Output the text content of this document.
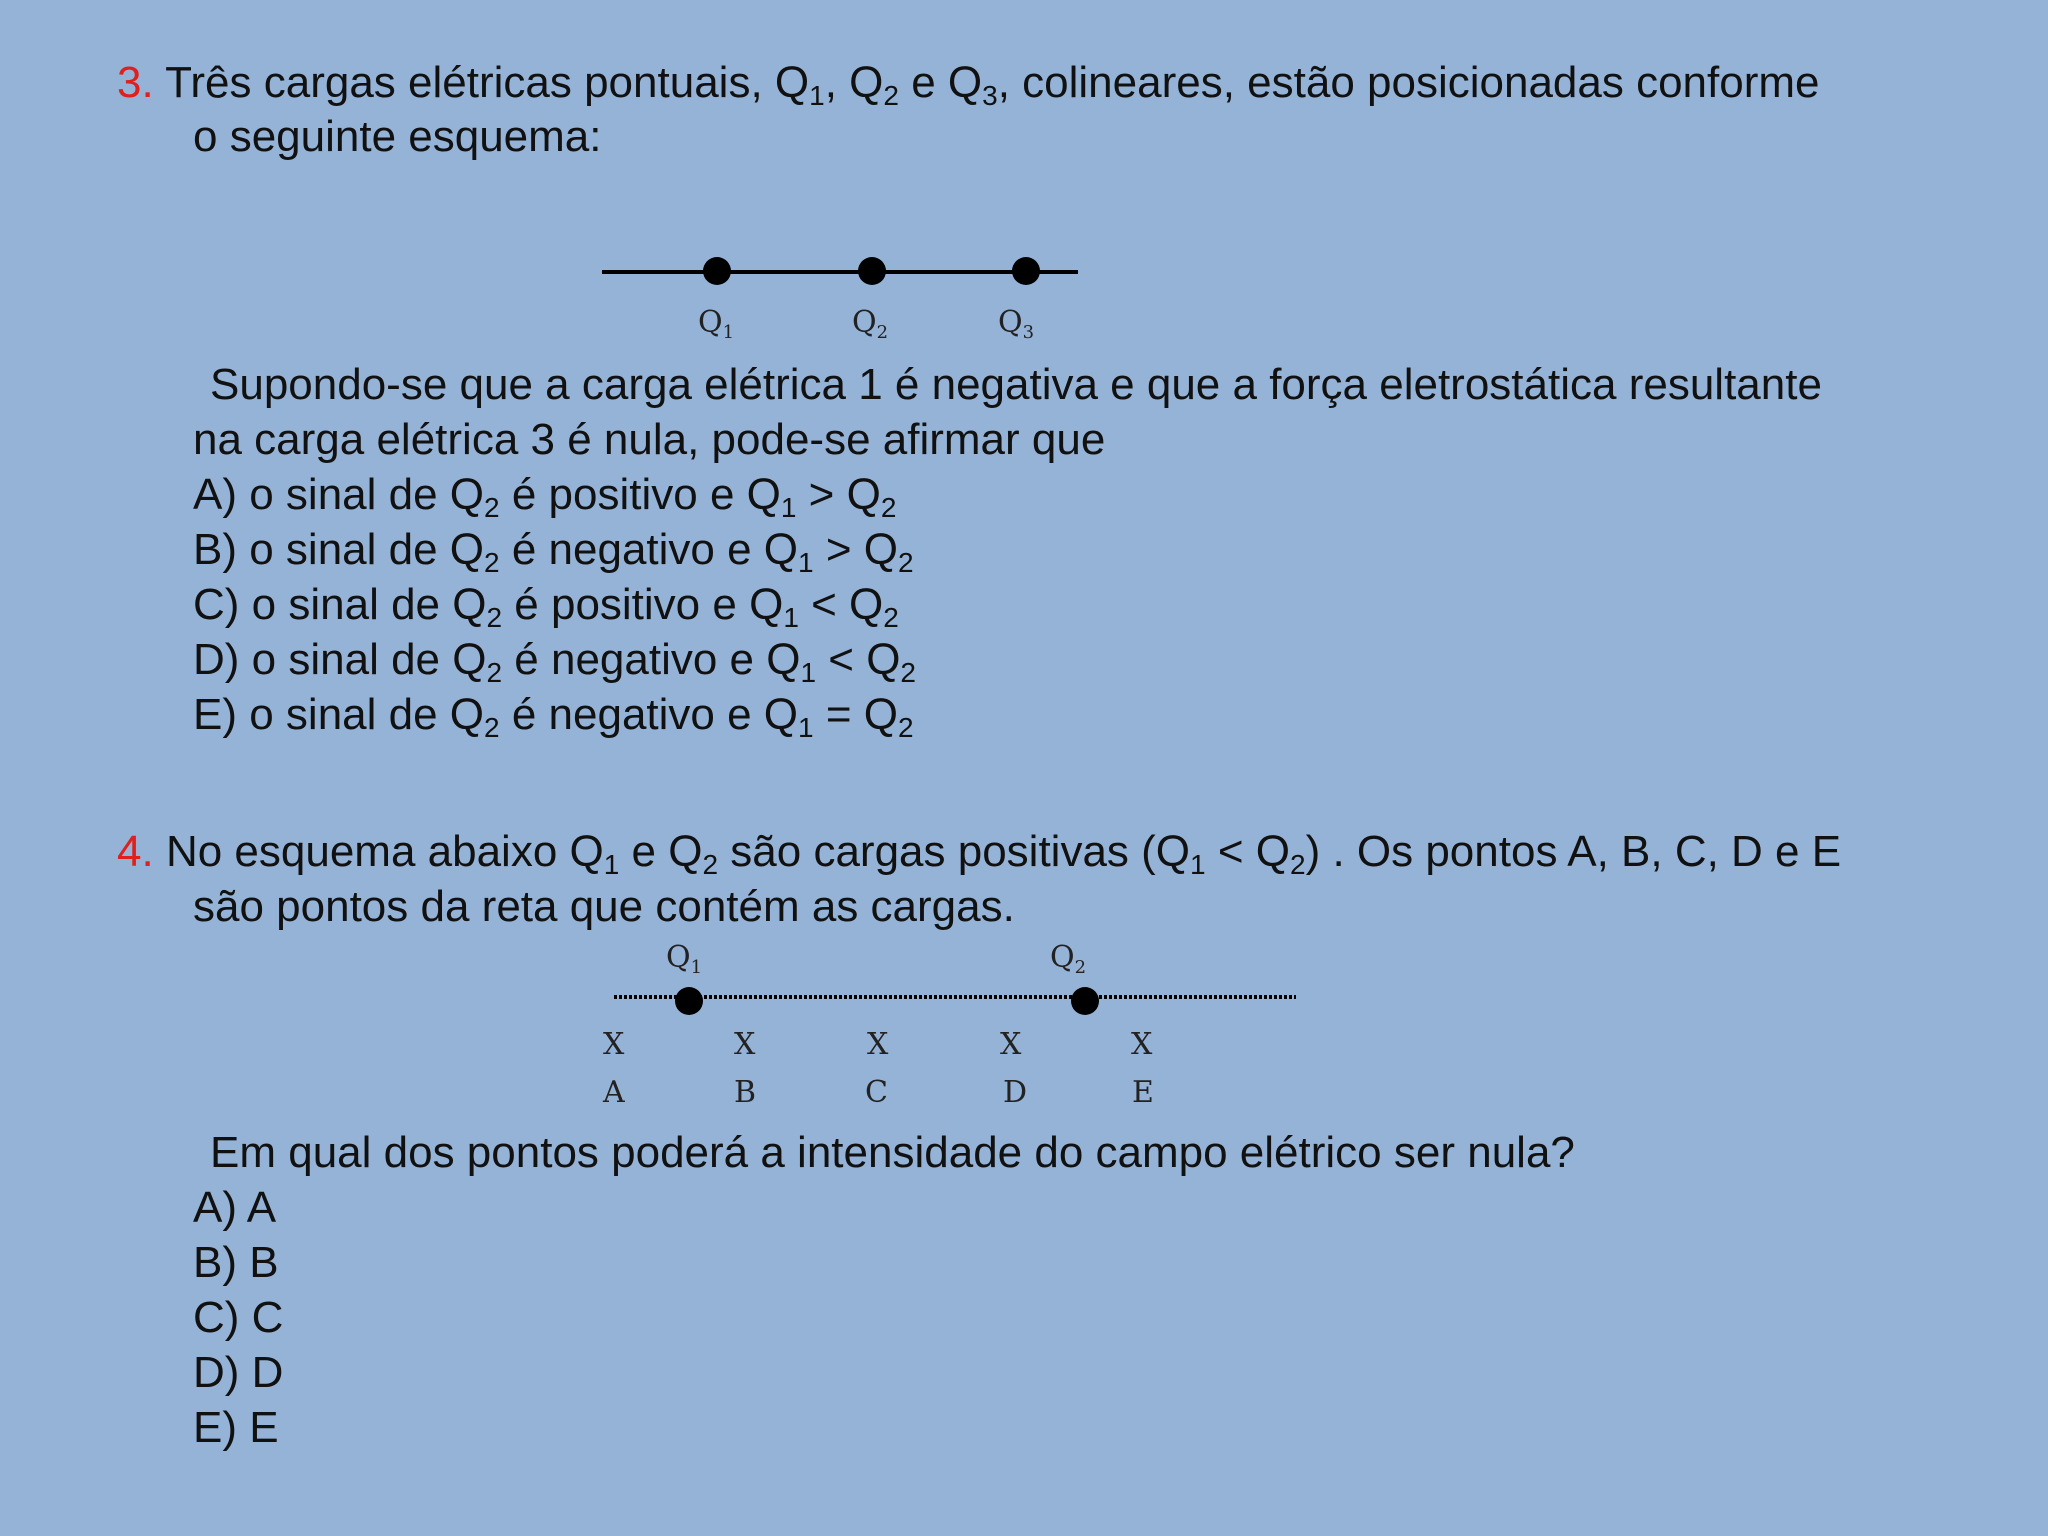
3. Três cargas elétricas pontuais, $Q_1$, $Q_2$ e $Q_3$, colineares, estão posicionadas conforme
o seguinte esquema:
$Q_1$	$Q_2$	$Q_3$
Supondo-se que a carga elétrica 1 é negativa e que a força eletrostática resultante
na carga elétrica 3 é nula, pode-se afirmar que
A) o sinal de $Q_2$ é positivo e $Q_1 > Q_2$
B) o sinal de $Q_2$ é negativo e $Q_1 > Q_2$
C) o sinal de $Q_2$ é positivo e $Q_1 < Q_2$
D) o sinal de $Q_2$ é negativo e $Q_1 < Q_2$
E) o sinal de $Q_2$ é negativo e $Q_1 = Q_2$
4. No esquema abaixo $Q_1$ e $Q_2$ são cargas positivas $(Q_1 < Q_2)$ . Os pontos A, B, C, D e E
são pontos da reta que contém as cargas.
$Q_1$	$Q_2$
X	X	X	X	X
A	B	C	D	E
Em qual dos pontos poderá a intensidade do campo elétrico ser nula?
A) A
B) B
C) C
D) D
E) E
